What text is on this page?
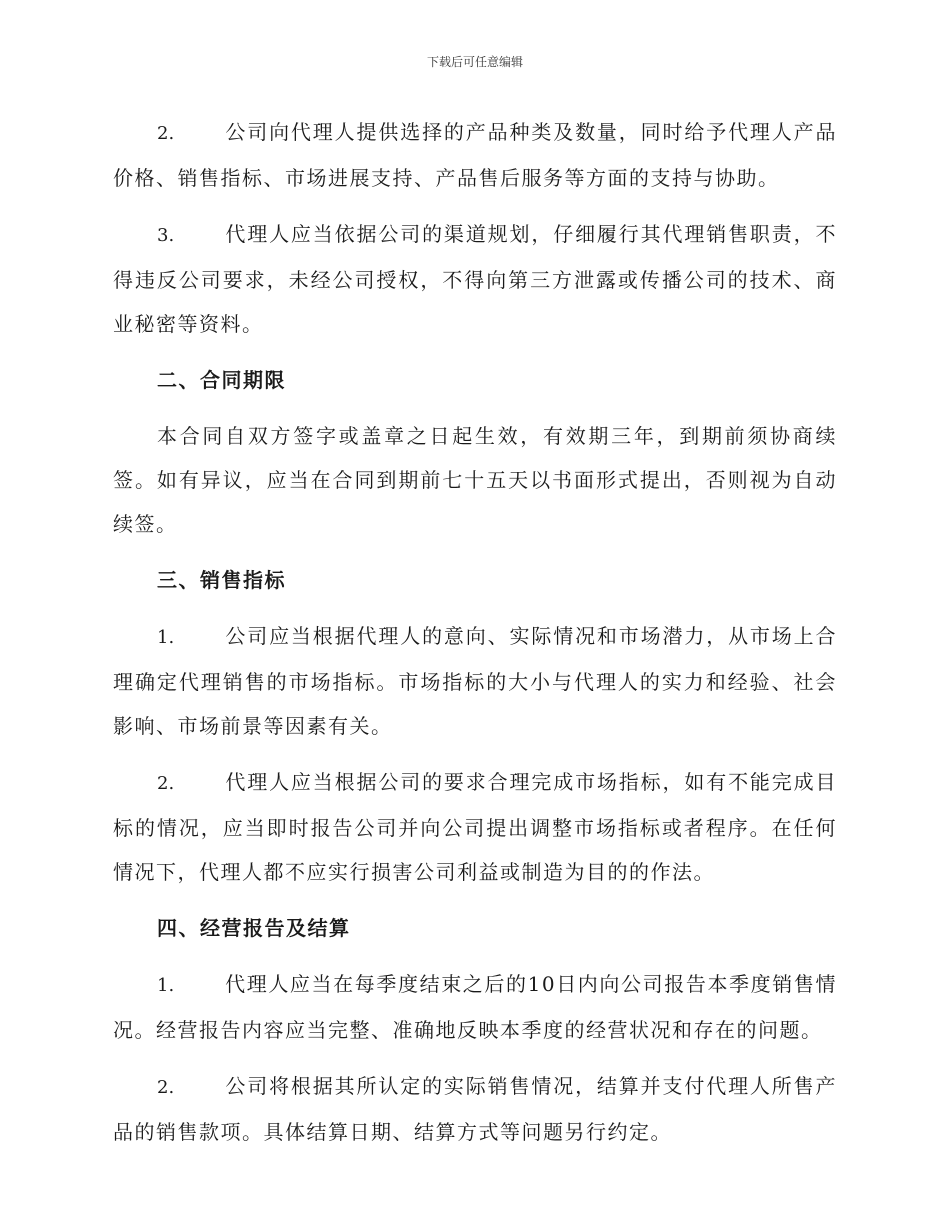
下载后可任意编辑

2.	公司向代理人提供选择的产品种类及数量，同时给予代理人产品价格、销售指标、市场进展支持、产品售后服务等方面的支持与协助。

3.	代理人应当依据公司的渠道规划，仔细履行其代理销售职责，不得违反公司要求，未经公司授权，不得向第三方泄露或传播公司的技术、商业秘密等资料。

二、合同期限

本合同自双方签字或盖章之日起生效，有效期三年，到期前须协商续签。如有异议，应当在合同到期前七十五天以书面形式提出，否则视为自动续签。

三、销售指标

1.	公司应当根据代理人的意向、实际情况和市场潜力，从市场上合理确定代理销售的市场指标。市场指标的大小与代理人的实力和经验、社会影响、市场前景等因素有关。

2.	代理人应当根据公司的要求合理完成市场指标，如有不能完成目标的情况，应当即时报告公司并向公司提出调整市场指标或者程序。在任何情况下，代理人都不应实行损害公司利益或制造为目的的作法。

四、经营报告及结算

1.	代理人应当在每季度结束之后的10日内向公司报告本季度销售情况。经营报告内容应当完整、准确地反映本季度的经营状况和存在的问题。

2.	公司将根据其所认定的实际销售情况，结算并支付代理人所售产品的销售款项。具体结算日期、结算方式等问题另行约定。
